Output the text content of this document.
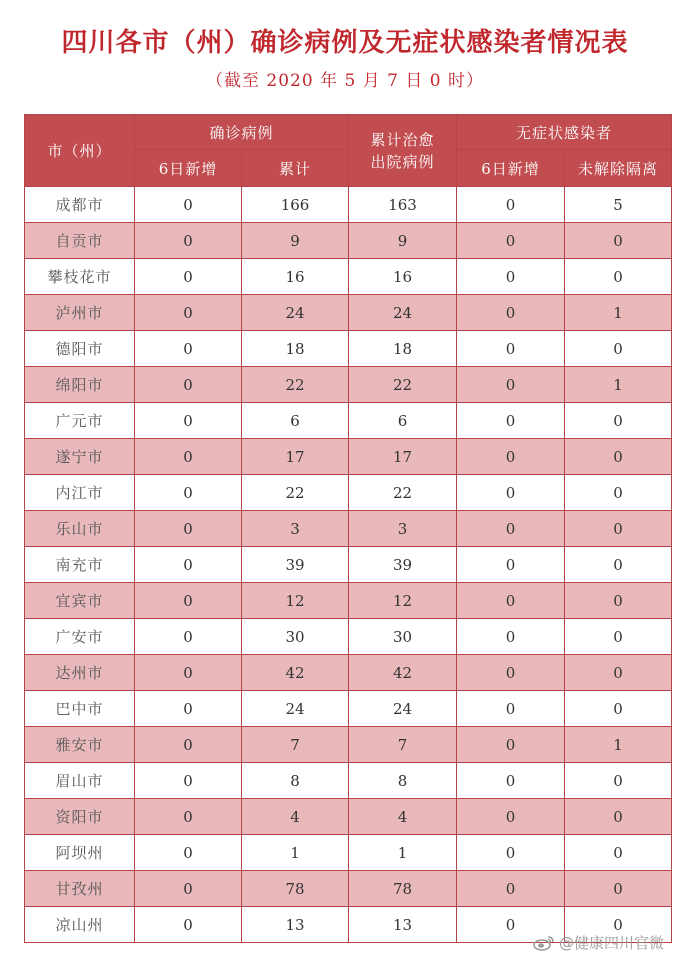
四川各市（州）确诊病例及无症状感染者情况表
（截至 2020 年 5 月 7 日 0 时）
市（州）	确诊病例		累计治愈出院病例	无症状感染者	
	6日新增	累计		6日新增	未解除隔离
成都市	0	166	163	0	5
自贡市	0	9	9	0	0
攀枝花市	0	16	16	0	0
泸州市	0	24	24	0	1
德阳市	0	18	18	0	0
绵阳市	0	22	22	0	1
广元市	0	6	6	0	0
遂宁市	0	17	17	0	0
内江市	0	22	22	0	0
乐山市	0	3	3	0	0
南充市	0	39	39	0	0
宜宾市	0	12	12	0	0
广安市	0	30	30	0	0
达州市	0	42	42	0	0
巴中市	0	24	24	0	0
雅安市	0	7	7	0	1
眉山市	0	8	8	0	0
资阳市	0	4	4	0	0
阿坝州	0	1	1	0	0
甘孜州	0	78	78	0	0
凉山州	0	13	13	0	0
@健康四川官微
